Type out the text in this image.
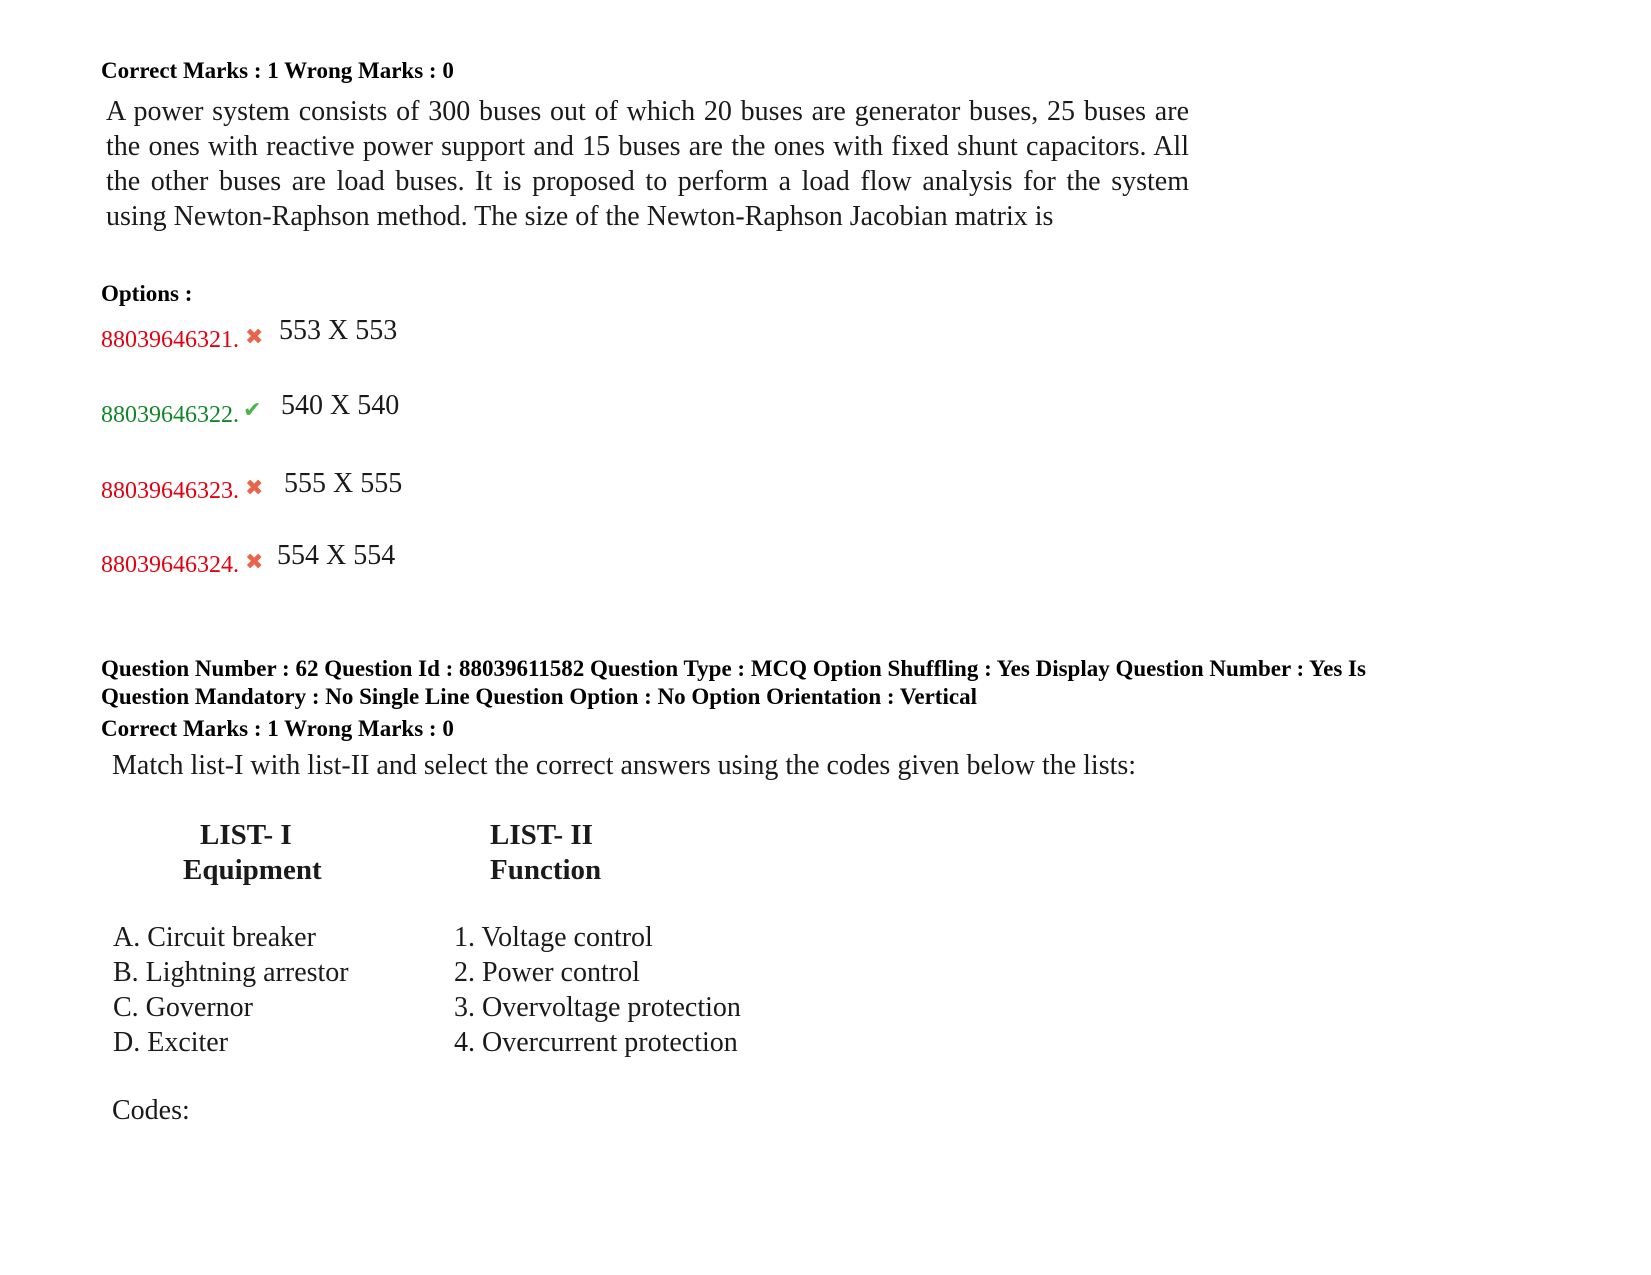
Correct Marks : 1 Wrong Marks : 0
A power system consists of 300 buses out of which 20 buses are generator buses, 25 buses are the ones with reactive power support and 15 buses are the ones with fixed shunt capacitors. All the other buses are load buses. It is proposed to perform a load flow analysis for the system using Newton-Raphson method. The size of the Newton-Raphson Jacobian matrix is
Options :
88039646321. ✖ 553 X 553
88039646322. ✔ 540 X 540
88039646323. ✖ 555 X 555
88039646324. ✖ 554 X 554
Question Number : 62 Question Id : 88039611582 Question Type : MCQ Option Shuffling : Yes Display Question Number : Yes Is
Question Mandatory : No Single Line Question Option : No Option Orientation : Vertical
Correct Marks : 1 Wrong Marks : 0
Match list-I with list-II and select the correct answers using the codes given below the lists:
LIST- I
Equipment
LIST- II
Function
A. Circuit breaker
B. Lightning arrestor
C. Governor
D. Exciter
1. Voltage control
2. Power control
3. Overvoltage protection
4. Overcurrent protection
Codes:
